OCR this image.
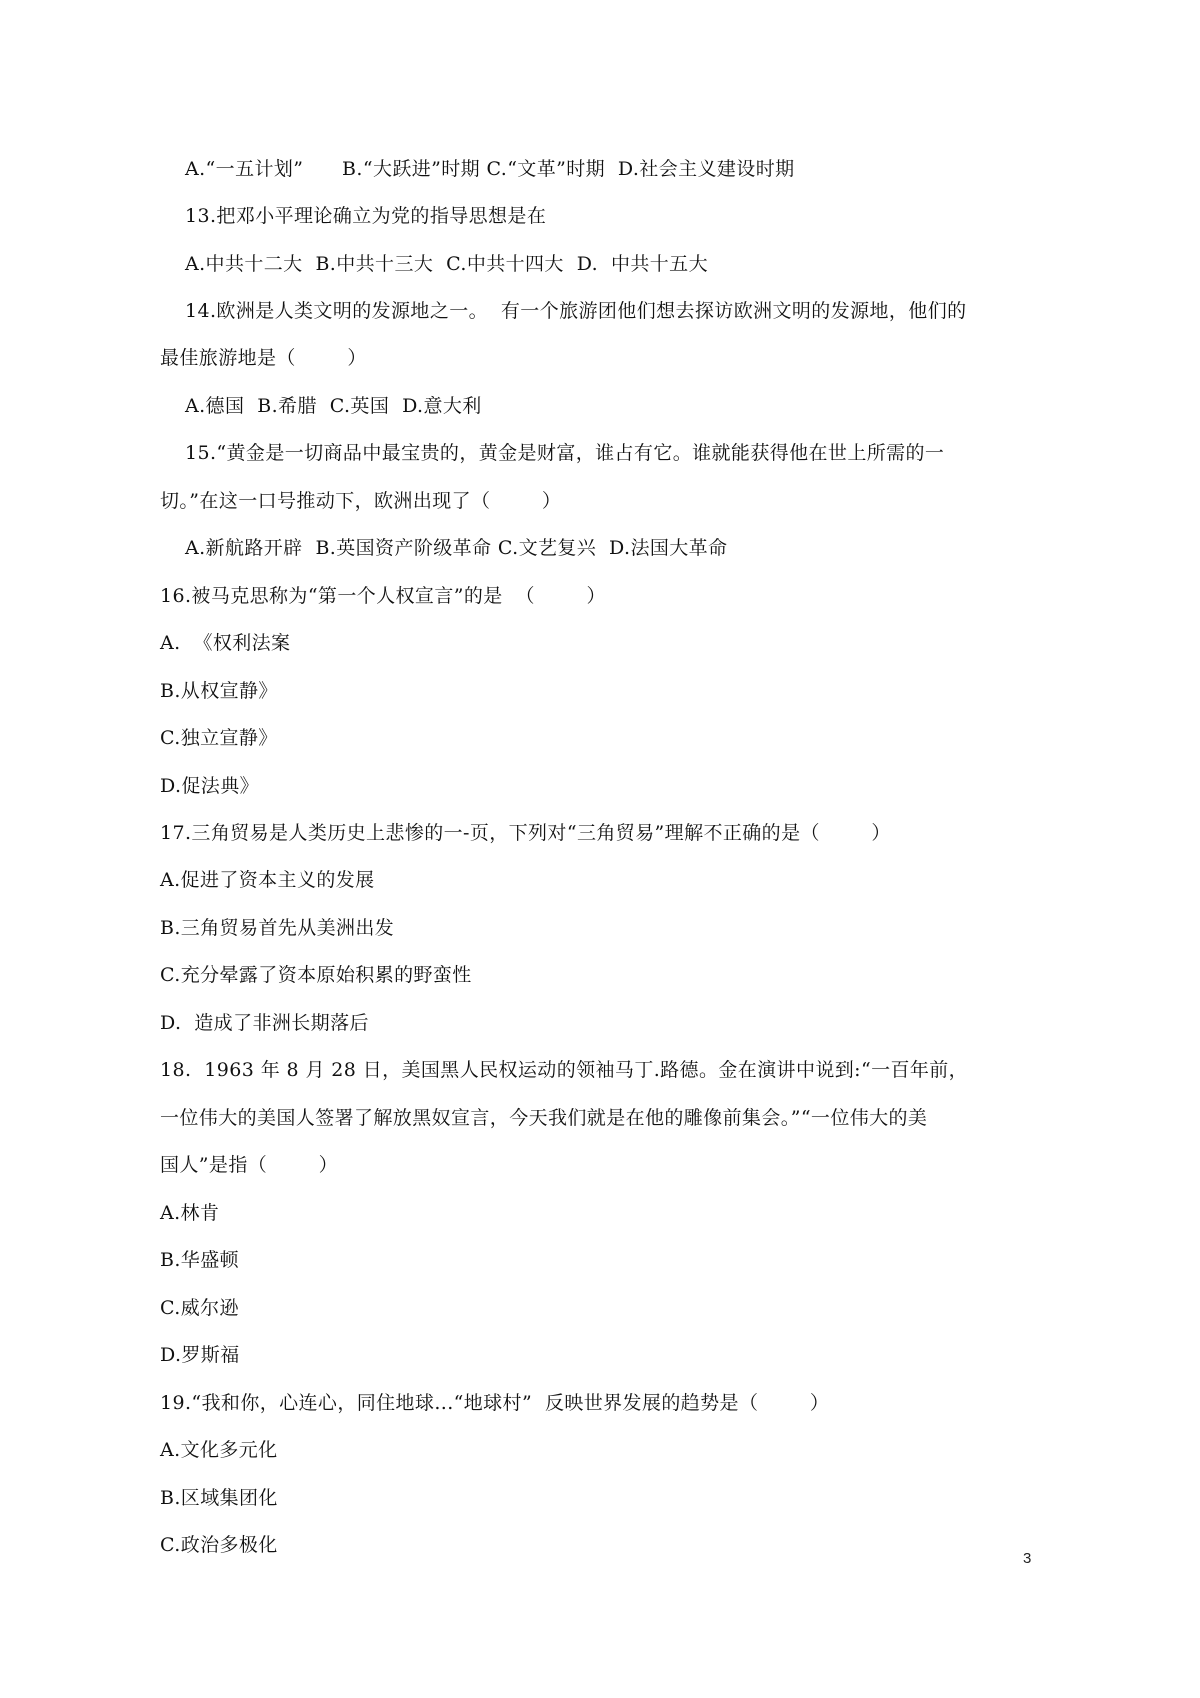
A.“一五计划”      B.“大跃进”时期 C.“文革”时期  D.社会主义建设时期
13.把邓小平理论确立为党的指导思想是在
A.中共十二大  B.中共十三大  C.中共十四大  D.  中共十五大
14.欧洲是人类文明的发源地之一。  有一个旅游团他们想去探访欧洲文明的发源地，他们的
最佳旅游地是（        ）
A.德国  B.希腊  C.英国  D.意大利
15.“黄金是一切商品中最宝贵的，黄金是财富，谁占有它。谁就能获得他在世上所需的一
切。”在这一口号推动下，欧洲出现了（        ）
A.新航路开辟  B.英国资产阶级革命 C.文艺复兴  D.法国大革命
16.被马克思称为“第一个人权宣言”的是  （        ）
A.  《权利法案
B.从权宣静》
C.独立宣静》
D.促法典》
17.三角贸易是人类历史上悲惨的一-页，下列对“三角贸易”理解不正确的是（        ）
A.促进了资本主义的发展
B.三角贸易首先从美洲出发
C.充分晕露了资本原始积累的野蛮性
D.  造成了非洲长期落后
18.  1963 年 8 月 28 日，美国黑人民权运动的领袖马丁.路德。金在演讲中说到:“一百年前，
一位伟大的美国人签署了解放黑奴宣言，今天我们就是在他的雕像前集会。”“一位伟大的美
国人”是指（        ）
A.林肯
B.华盛顿
C.威尔逊
D.罗斯福
19.“我和你，心连心，同住地球...“地球村”  反映世界发展的趋势是（        ）
A.文化多元化
B.区域集团化
C.政治多极化
3
